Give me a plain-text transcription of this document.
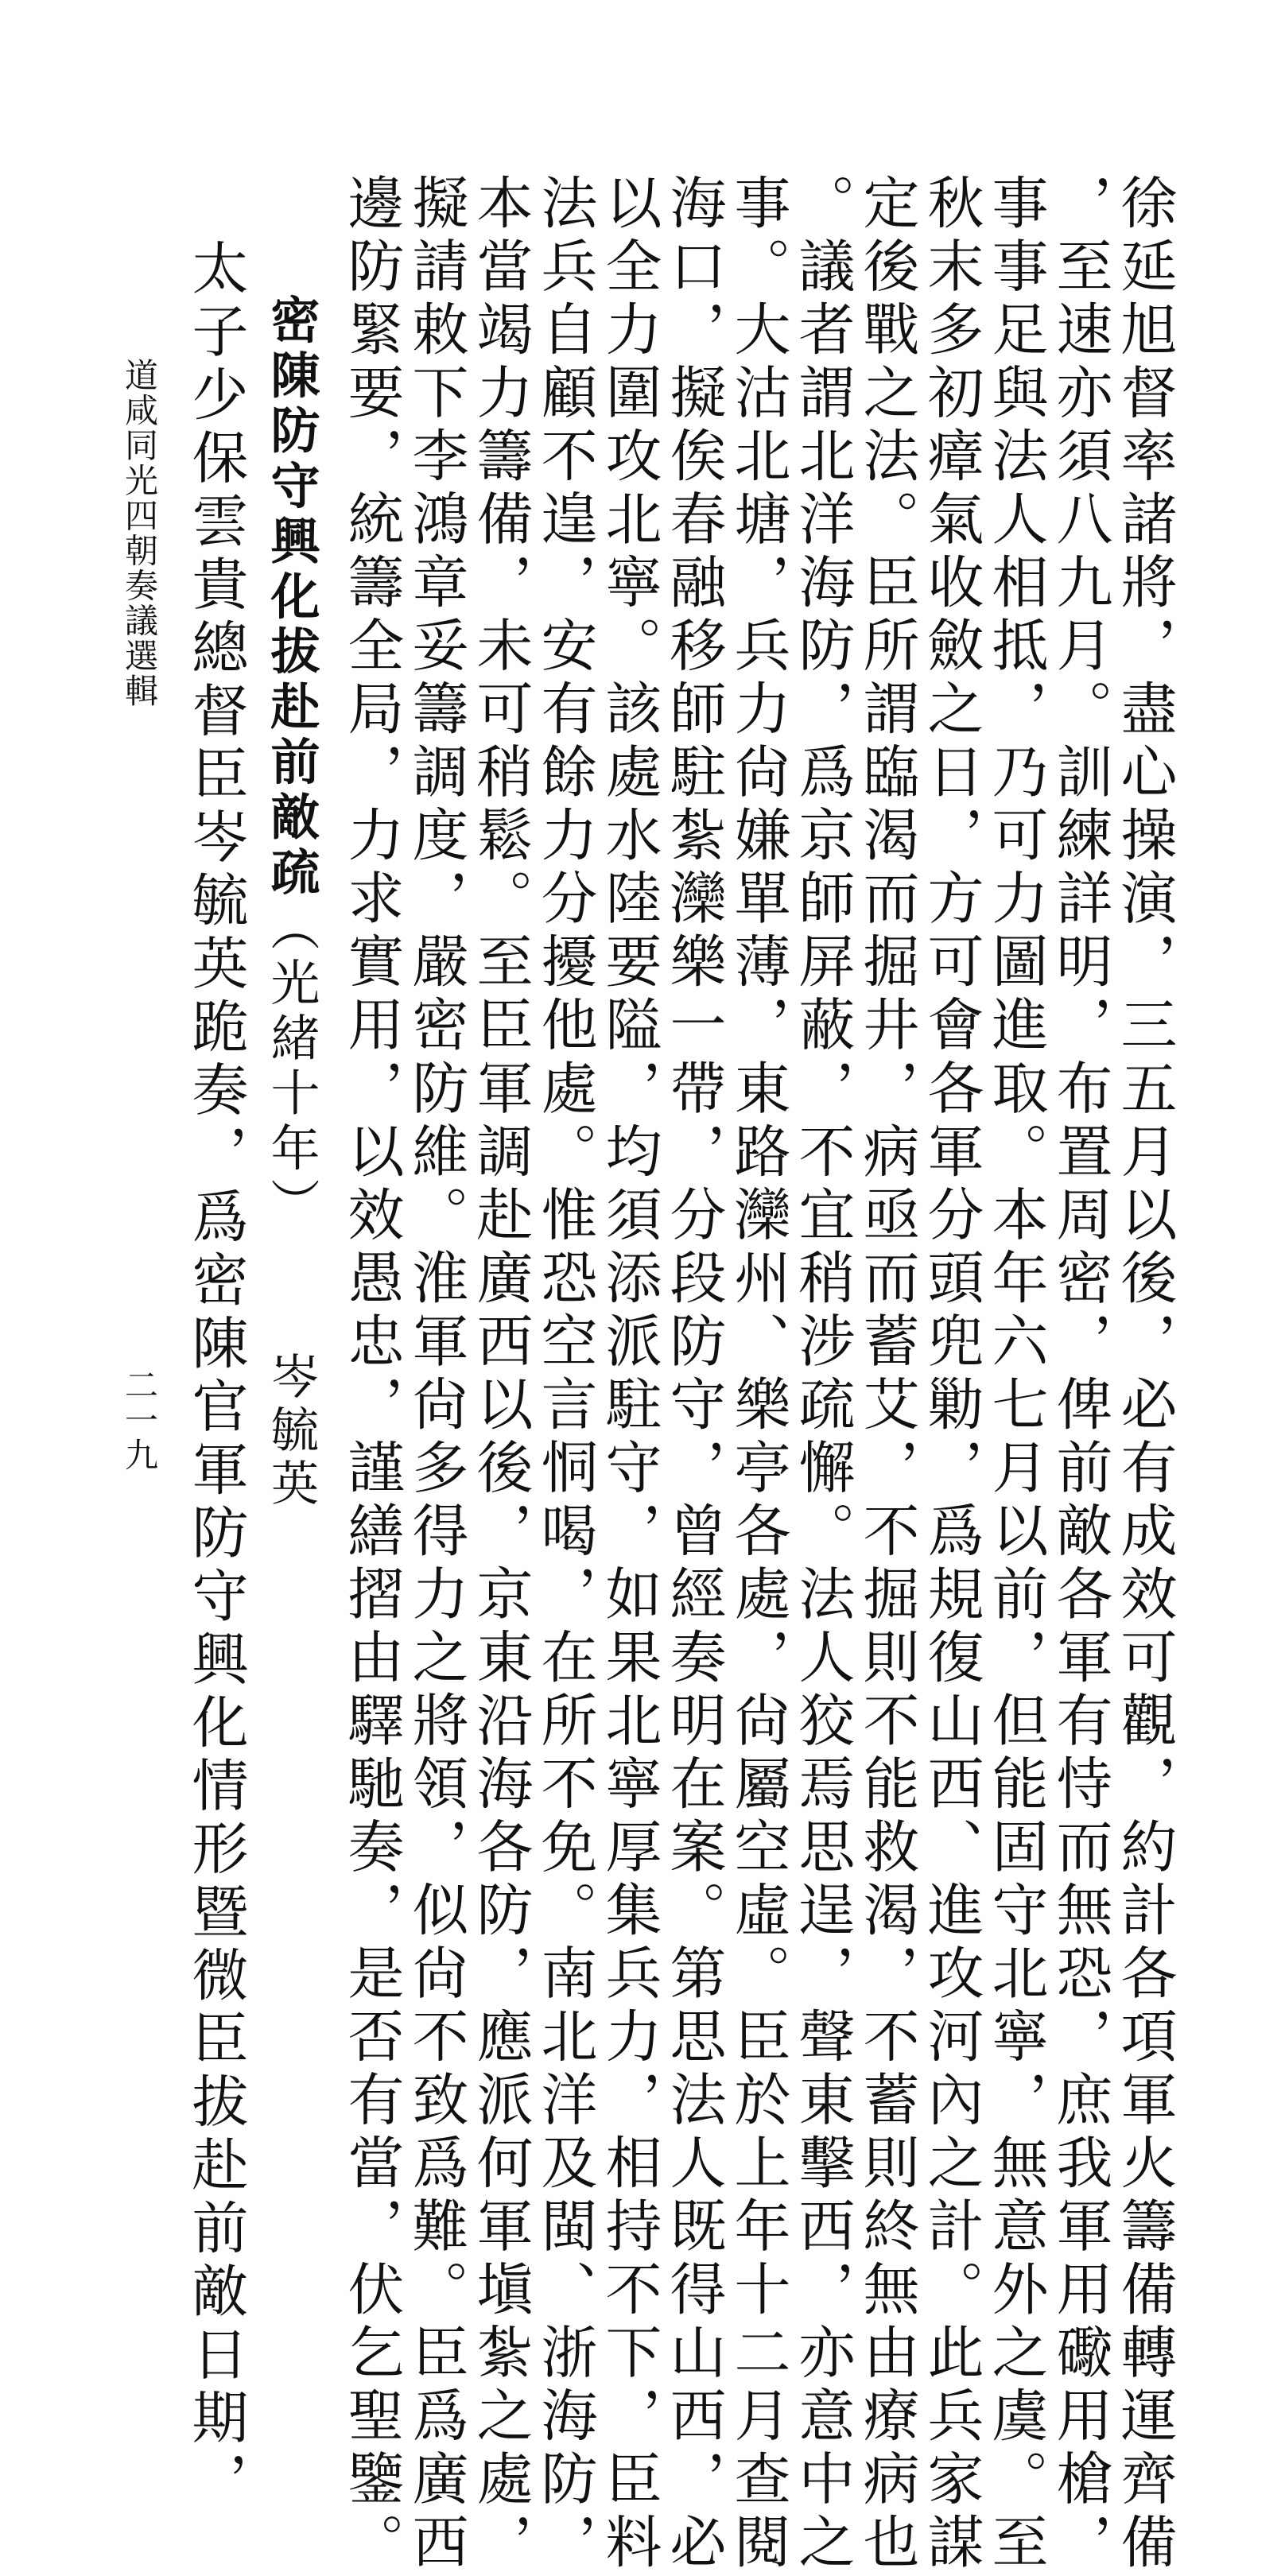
徐延旭督率諸將，盡心操演，三五月以後，必有成效可觀，約計各項軍火籌備轉運齊備
，至速亦須八九月。訓練詳明，布置周密，俾前敵各軍有恃而無恐，庶我軍用礮用槍，
事事足與法人相抵，乃可力圖進取。本年六七月以前，但能固守北寧，無意外之虞。至
秋末多初瘴氣收斂之日，方可會各軍分頭兜勦，爲規復山西、進攻河內之計。此兵家謀
定後戰之法。臣所謂臨渴而掘井，病亟而蓄艾，不掘則不能救渴，不蓄則終無由療病也
。議者謂北洋海防，爲京師屏蔽，不宜稍涉疏懈。法人狡焉思逞，聲東擊西，亦意中之
事。大沽北塘，兵力尙嫌單薄，東路灤州、樂亭各處，尙屬空虛。臣於上年十二月查閱
海口，擬俟春融移師駐紮灤樂一帶，分段防守，曾經奏明在案。第思法人既得山西，必
以全力圍攻北寧。該處水陸要隘，均須添派駐守，如果北寧厚集兵力，相持不下，臣料
法兵自顧不遑，安有餘力分擾他處。惟恐空言恫喝，在所不免。南北洋及閩、浙海防，
本當竭力籌備，未可稍鬆。至臣軍調赴廣西以後，京東沿海各防，應派何軍塡紮之處，
擬請敕下李鴻章妥籌調度，嚴密防維。淮軍尙多得力之將領，似尙不致爲難。臣爲廣西
邊防緊要，統籌全局，力求實用，以效愚忠，謹繕摺由驛馳奏，是否有當，伏乞聖鑒。
密陳防守興化拔赴前敵疏（光緒十年）
岑毓英
太子少保雲貴總督臣岑毓英跪奏，爲密陳官軍防守興化情形暨微臣拔赴前敵日期，
道咸同光四朝奏議選輯
二一九
